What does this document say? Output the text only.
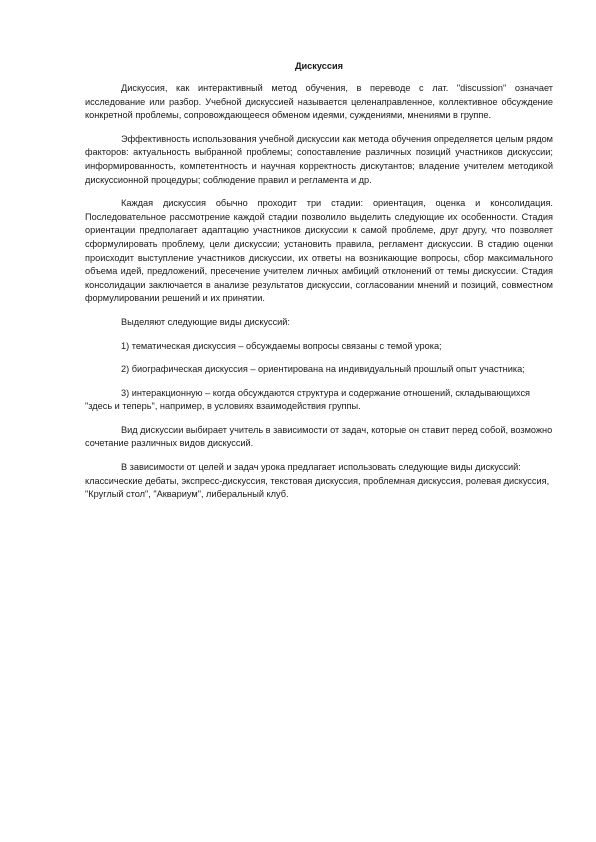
Дискуссия

Дискуссия, как интерактивный метод обучения, в переводе с лат. "discussion" означает исследование или разбор. Учебной дискуссией называется целенаправленное, коллективное обсуждение конкретной проблемы, сопровождающееся обменом идеями, суждениями, мнениями в группе.

Эффективность использования учебной дискуссии как метода обучения определяется целым рядом факторов: актуальность выбранной проблемы; сопоставление различных позиций участников дискуссии; информированность, компетентность и научная корректность дискутантов; владение учителем методикой дискуссионной процедуры; соблюдение правил и регламента и др.

Каждая дискуссия обычно проходит три стадии: ориентация, оценка и консолидация. Последовательное рассмотрение каждой стадии позволило выделить следующие их особенности. Стадия ориентации предполагает адаптацию участников дискуссии к самой проблеме, друг другу, что позволяет сформулировать проблему, цели дискуссии; установить правила, регламент дискуссии. В стадию оценки происходит выступление участников дискуссии, их ответы на возникающие вопросы, сбор максимального объема идей, предложений, пресечение учителем личных амбиций отклонений от темы дискуссии. Стадия консолидации заключается в анализе результатов дискуссии, согласовании мнений и позиций, совместном формулировании решений и их принятии.

Выделяют следующие виды дискуссий:

1) тематическая дискуссия – обсуждаемы вопросы связаны с темой урока;

2) биографическая дискуссия – ориентирована на индивидуальный прошлый опыт участника;

3) интеракционную – когда обсуждаются структура и содержание отношений, складывающихся "здесь и теперь", например, в условиях взаимодействия группы.

Вид дискуссии выбирает учитель в зависимости от задач, которые он ставит перед собой, возможно сочетание различных видов дискуссий.

В зависимости от целей и задач урока предлагает использовать следующие виды дискуссий: классические дебаты, экспресс-дискуссия, текстовая дискуссия, проблемная дискуссия, ролевая дискуссия, "Круглый стол", "Аквариум", либеральный клуб.
